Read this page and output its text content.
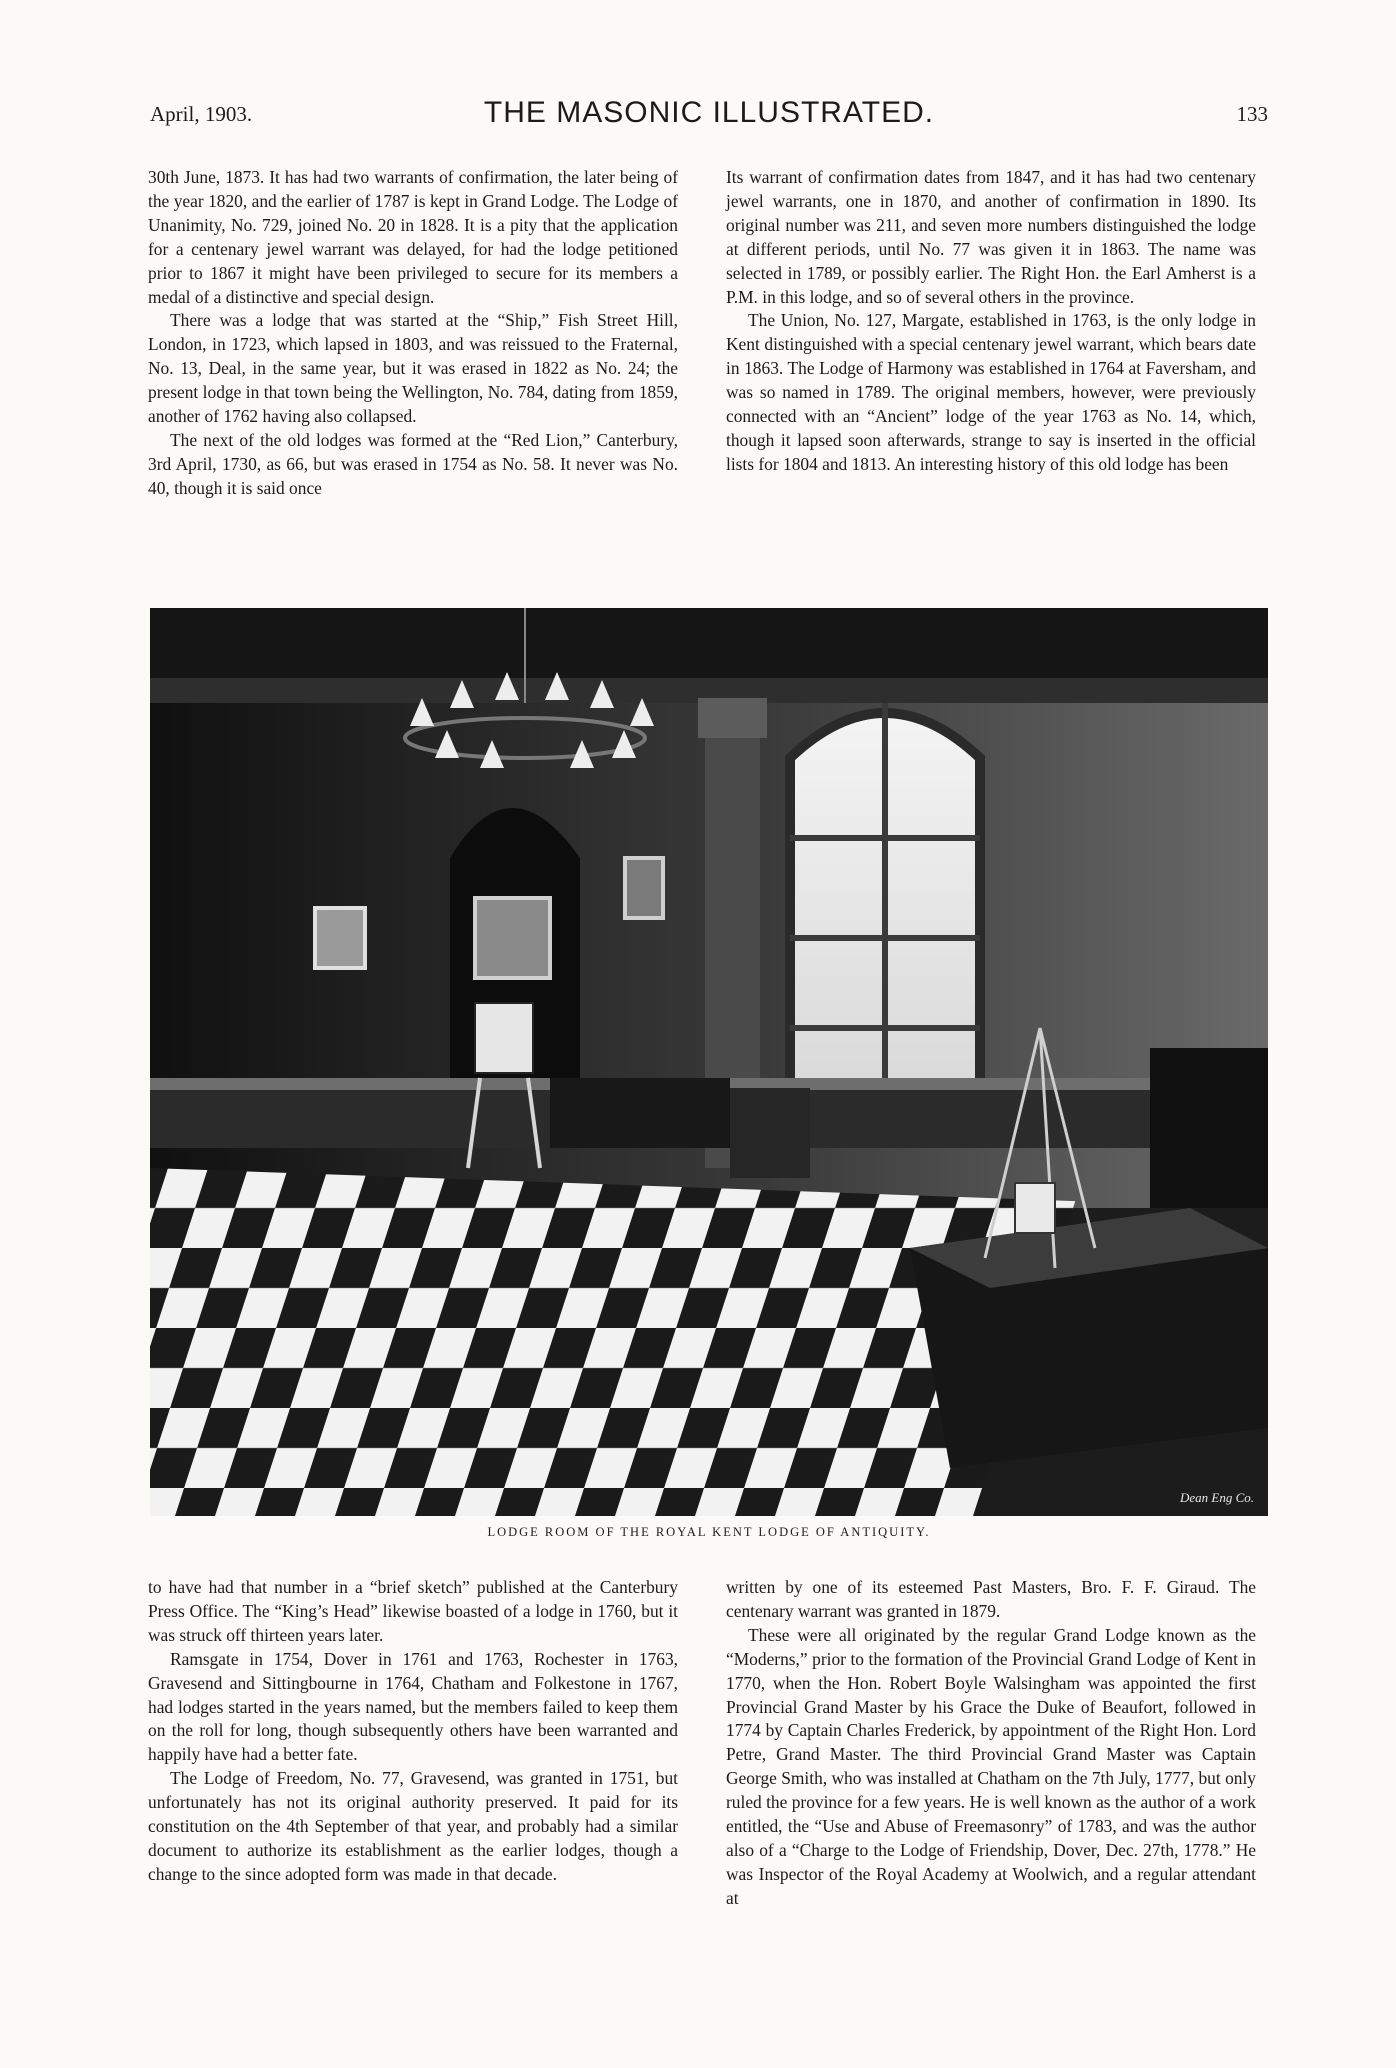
April, 1903.	THE MASONIC ILLUSTRATED.	133

30th June, 1873. It has had two warrants of confirmation, the later being of the year 1820, and the earlier of 1787 is kept in Grand Lodge. The Lodge of Unanimity, No. 729, joined No. 20 in 1828. It is a pity that the application for a centenary jewel warrant was delayed, for had the lodge petitioned prior to 1867 it might have been privileged to secure for its members a medal of a distinctive and special design.

There was a lodge that was started at the “Ship,” Fish Street Hill, London, in 1723, which lapsed in 1803, and was reissued to the Fraternal, No. 13, Deal, in the same year, but it was erased in 1822 as No. 24; the present lodge in that town being the Wellington, No. 784, dating from 1859, another of 1762 having also collapsed.

The next of the old lodges was formed at the “Red Lion,” Canterbury, 3rd April, 1730, as 66, but was erased in 1754 as No. 58. It never was No. 40, though it is said once

Its warrant of confirmation dates from 1847, and it has had two centenary jewel warrants, one in 1870, and another of confirmation in 1890. Its original number was 211, and seven more numbers distinguished the lodge at different periods, until No. 77 was given it in 1863. The name was selected in 1789, or possibly earlier. The Right Hon. the Earl Amherst is a P.M. in this lodge, and so of several others in the province.

The Union, No. 127, Margate, established in 1763, is the only lodge in Kent distinguished with a special centenary jewel warrant, which bears date in 1863. The Lodge of Harmony was established in 1764 at Faversham, and was so named in 1789. The original members, however, were previously connected with an “Ancient” lodge of the year 1763 as No. 14, which, though it lapsed soon afterwards, strange to say is inserted in the official lists for 1804 and 1813. An interesting history of this old lodge has been

Dean Eng Co.
LODGE ROOM OF THE ROYAL KENT LODGE OF ANTIQUITY.

to have had that number in a “brief sketch” published at the Canterbury Press Office. The “King’s Head” likewise boasted of a lodge in 1760, but it was struck off thirteen years later.

Ramsgate in 1754, Dover in 1761 and 1763, Rochester in 1763, Gravesend and Sittingbourne in 1764, Chatham and Folkestone in 1767, had lodges started in the years named, but the members failed to keep them on the roll for long, though subsequently others have been warranted and happily have had a better fate.

The Lodge of Freedom, No. 77, Gravesend, was granted in 1751, but unfortunately has not its original authority preserved. It paid for its constitution on the 4th September of that year, and probably had a similar document to authorize its establishment as the earlier lodges, though a change to the since adopted form was made in that decade.

written by one of its esteemed Past Masters, Bro. F. F. Giraud. The centenary warrant was granted in 1879.

These were all originated by the regular Grand Lodge known as the “Moderns,” prior to the formation of the Provincial Grand Lodge of Kent in 1770, when the Hon. Robert Boyle Walsingham was appointed the first Provincial Grand Master by his Grace the Duke of Beaufort, followed in 1774 by Captain Charles Frederick, by appointment of the Right Hon. Lord Petre, Grand Master. The third Provincial Grand Master was Captain George Smith, who was installed at Chatham on the 7th July, 1777, but only ruled the province for a few years. He is well known as the author of a work entitled, the “Use and Abuse of Freemasonry” of 1783, and was the author also of a “Charge to the Lodge of Friendship, Dover, Dec. 27th, 1778.” He was Inspector of the Royal Academy at Woolwich, and a regular attendant at
